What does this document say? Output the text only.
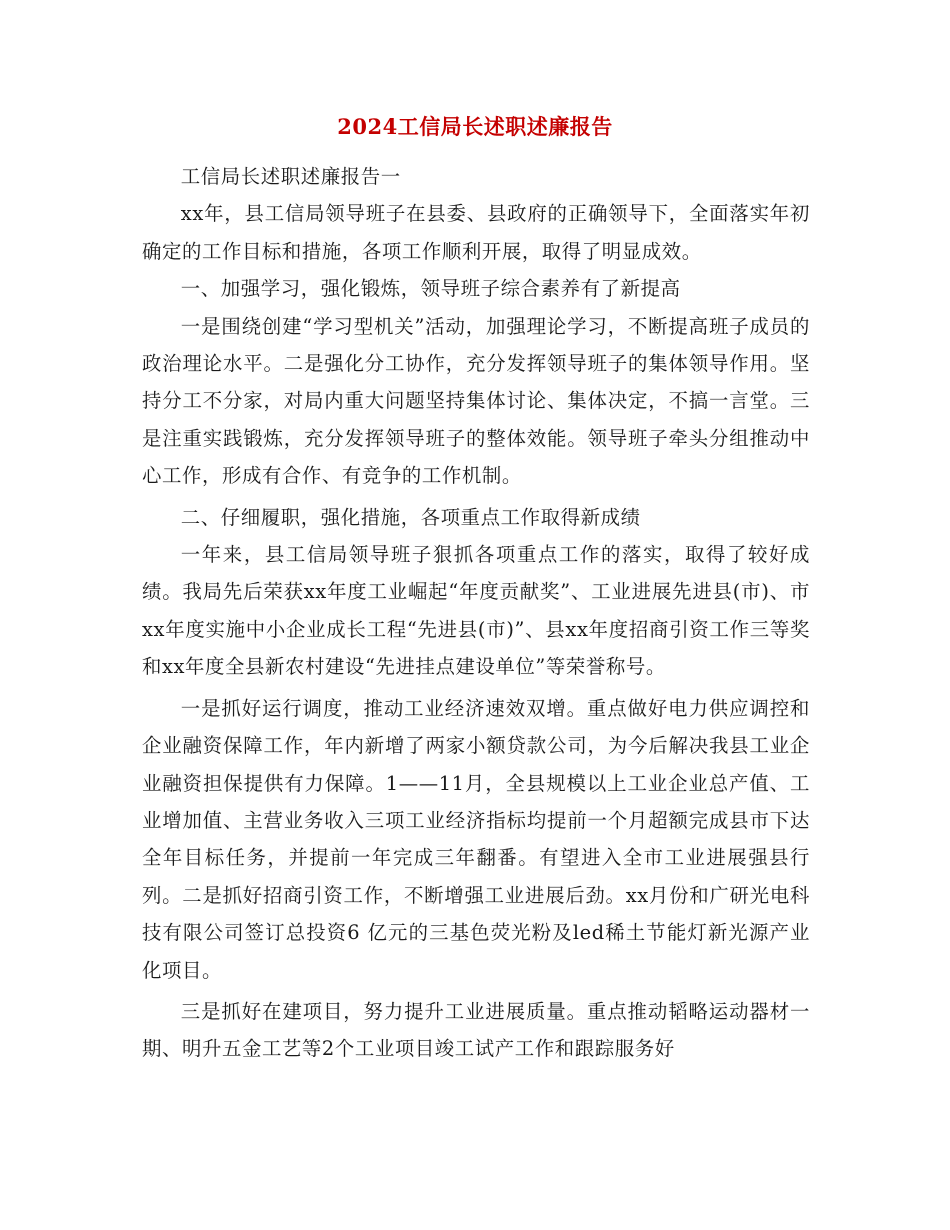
2024工信局长述职述廉报告

工信局长述职述廉报告一

xx年，县工信局领导班子在县委、县政府的正确领导下，全面落实年初确定的工作目标和措施，各项工作顺利开展，取得了明显成效。

一、加强学习，强化锻炼，领导班子综合素养有了新提高

一是围绕创建“学习型机关”活动，加强理论学习，不断提高班子成员的政治理论水平。二是强化分工协作，充分发挥领导班子的集体领导作用。坚持分工不分家，对局内重大问题坚持集体讨论、集体决定，不搞一言堂。三是注重实践锻炼，充分发挥领导班子的整体效能。领导班子牵头分组推动中心工作，形成有合作、有竞争的工作机制。

二、仔细履职，强化措施，各项重点工作取得新成绩

一年来，县工信局领导班子狠抓各项重点工作的落实，取得了较好成绩。我局先后荣获xx年度工业崛起“年度贡献奖”、工业进展先进县(市)、市xx年度实施中小企业成长工程“先进县(市)”、县xx年度招商引资工作三等奖和xx年度全县新农村建设“先进挂点建设单位”等荣誉称号。

一是抓好运行调度，推动工业经济速效双增。重点做好电力供应调控和企业融资保障工作，年内新增了两家小额贷款公司，为今后解决我县工业企业融资担保提供有力保障。1——11月，全县规模以上工业企业总产值、工业增加值、主营业务收入三项工业经济指标均提前一个月超额完成县市下达全年目标任务，并提前一年完成三年翻番。有望进入全市工业进展强县行列。二是抓好招商引资工作，不断增强工业进展后劲。xx月份和广研光电科技有限公司签订总投资6 亿元的三基色荧光粉及led稀土节能灯新光源产业化项目。

三是抓好在建项目，努力提升工业进展质量。重点推动韬略运动器材一期、明升五金工艺等2个工业项目竣工试产工作和跟踪服务好
